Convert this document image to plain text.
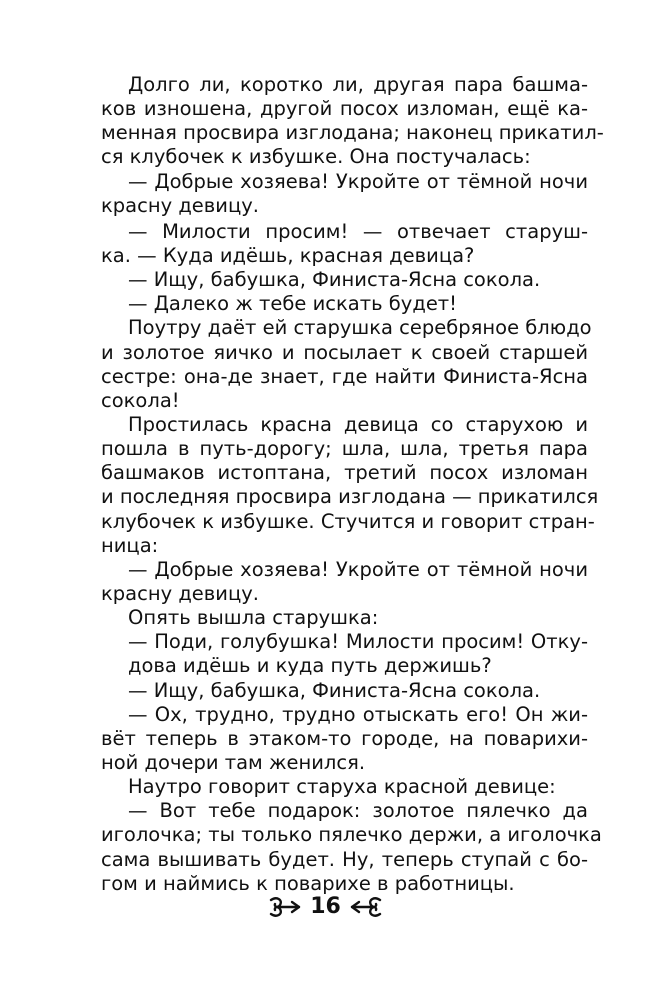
Долго ли, коротко ли, другая пара башма-
ков изношена, другой посох изломан, ещё ка-
менная просвира изглодана; наконец прикатил-
ся клубочек к избушке. Она постучалась:
— Добрые хозяева! Укройте от тёмной ночи
красну девицу.
— Милости просим! — отвечает старуш-
ка. — Куда идёшь, красная девица?
— Ищу, бабушка, Финиста-Ясна сокола.
— Далеко ж тебе искать будет!
Поутру даёт ей старушка серебряное блюдо
и золотое яичко и посылает к своей старшей
сестре: она-де знает, где найти Финиста-Ясна
сокола!
Простилась красна девица со старухою и
пошла в путь-дорогу; шла, шла, третья пара
башмаков истоптана, третий посох изломан
и последняя просвира изглодана — прикатился
клубочек к избушке. Стучится и говорит стран-
ница:
— Добрые хозяева! Укройте от тёмной ночи
красну девицу.
Опять вышла старушка:
— Поди, голубушка! Милости просим! Отку-
дова идёшь и куда путь держишь?
— Ищу, бабушка, Финиста-Ясна сокола.
— Ох, трудно, трудно отыскать его! Он жи-
вёт теперь в этаком-то городе, на поварихи-
ной дочери там женился.
Наутро говорит старуха красной девице:
— Вот тебе подарок: золотое пялечко да
иголочка; ты только пялечко держи, а иголочка
сама вышивать будет. Ну, теперь ступай с бо-
гом и наймись к поварихе в работницы.
16
